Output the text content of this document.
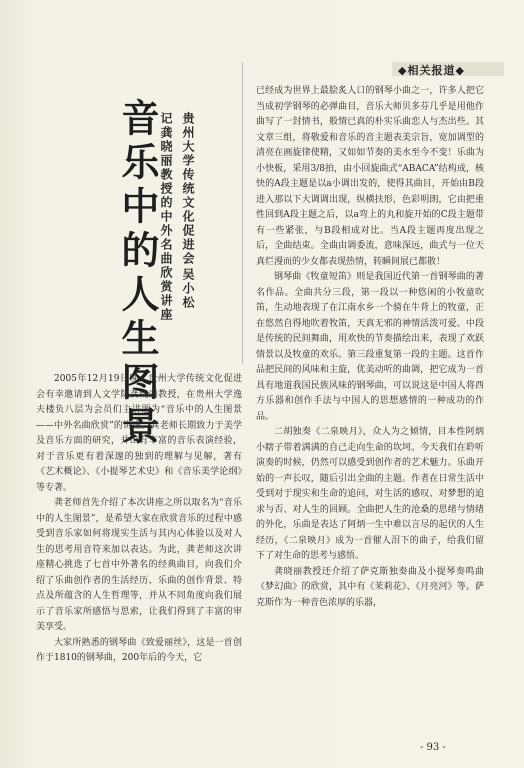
◆相关报道◆
音乐中的人生图景 记龚晓丽教授的中外名曲欣赏讲座 贵州大学传统文化促进会
吴小松

2005年12月19日晚，贵州大学传统文化促进会有幸邀请到人文学院龚晓丽教授，在贵州大学逸夫楼负八层为会员们主讲题为“音乐中的人生图景——中外名曲欣赏”的讲座。龚老师长期致力于美学及音乐方面的研究，并出有丰富的音乐表演经验，对于音乐更有着深邃的独到的理解与见解，著有《艺术概论》、《小提琴艺术史》和《音乐美学论纲》等专著。

龚老师首先介绍了本次讲座之所以取名为“音乐中的人生图景”，是希望大家在欣赏音乐的过程中感受到音乐家如何将现实生活与其内心体验以及对人生的思考用音符来加以表达。为此，龚老师这次讲座精心挑选了七首中外著名的经典曲目，向我们介绍了乐曲创作者的生活经历、乐曲的创作背景、特点及所蕴含的人生哲理等，并从不同角度向我们展示了音乐家所感悟与思索，让我们得到了丰富的审美享受。

大家所熟悉的钢琴曲《致爱丽丝》，这是一首创作于1810的钢琴曲，200年后的今天，它

已经成为世界上最脍炙人口的钢琴小曲之一，许多人把它当成初学钢琴的必弹曲目，音乐大师贝多芬几乎是用他作曲写了一封情书，般情已真的朴实乐曲恋人与杰出些。其文章三组，将敬爱和音乐的音主题表美宗旨，宽加调型的清亮在画旋律使精，又如如节奏的美水至今不变！乐曲为小快板，采用3/8拍，由小回旋曲式“ABACA”结构成，核快的A段主题是以a小调出发的，使得其曲目，开始由B段进入那以下大调调出现，纵横扶形，色彩明朗，它由把重性回到A段主题之后，以a弯上的丸和旋开始的C段主题带有一些紧张，与B段相成对比。当A段主题再度出现之后，全曲结束。全曲由调委流，意味深远，曲式与一位天真烂漫而的少女都表现热情，转瞬间展已都散！

钢琴曲《牧童短笛》则是我国近代第一首钢琴曲的著名作品。全曲共分三段，第一段以一种悠闲的小牧童吹笛，生动地表现了在江南水乡一个骑在牛背上的牧童，正在悠然自得地吹着牧笛，天真无邪的神情活泼可爱。中段是传统的民间舞曲，用欢快的节奏描绘出来，表现了欢跃情景以及牧童的欢乐。第三段重复第一段的主题。这首作品把民间的风味和主旋，优美动听的曲调，把它成为一首具有地道我国民族风味的钢琴曲，可以说这是中国人将西方乐器和创作手法与中国人的思想感情的一种成功的作品。

二胡独奏《二泉映月》，众人为之倾情，目本性阿炳小瞎子带着满满的自己走向生命的坎坷。今天我们在聆听演奏的时候，仍然可以感受到创作者的艺术魅力。乐曲开始的一声长叹，随后引出全曲的主题。作者在日常生活中受到对于现实和生命的追问，对生活的感叹、对梦想的追求与否、对人生的回顾。全曲把人生的沧桑的思绪与情绪的外化，乐曲是表达了阿炳一生中难以言尽的起伏的人生经历，《二泉映月》成为一首催人泪下的曲子，给我们留下了对生命的思考与感悟。

龚晓丽教授还介绍了萨克斯独奏曲及小提琴奏鸣曲《梦幻曲》的欣赏，其中有《茉莉花》、《月亮河》等。萨克斯作为一种音色浓厚的乐器，

- 93 -
